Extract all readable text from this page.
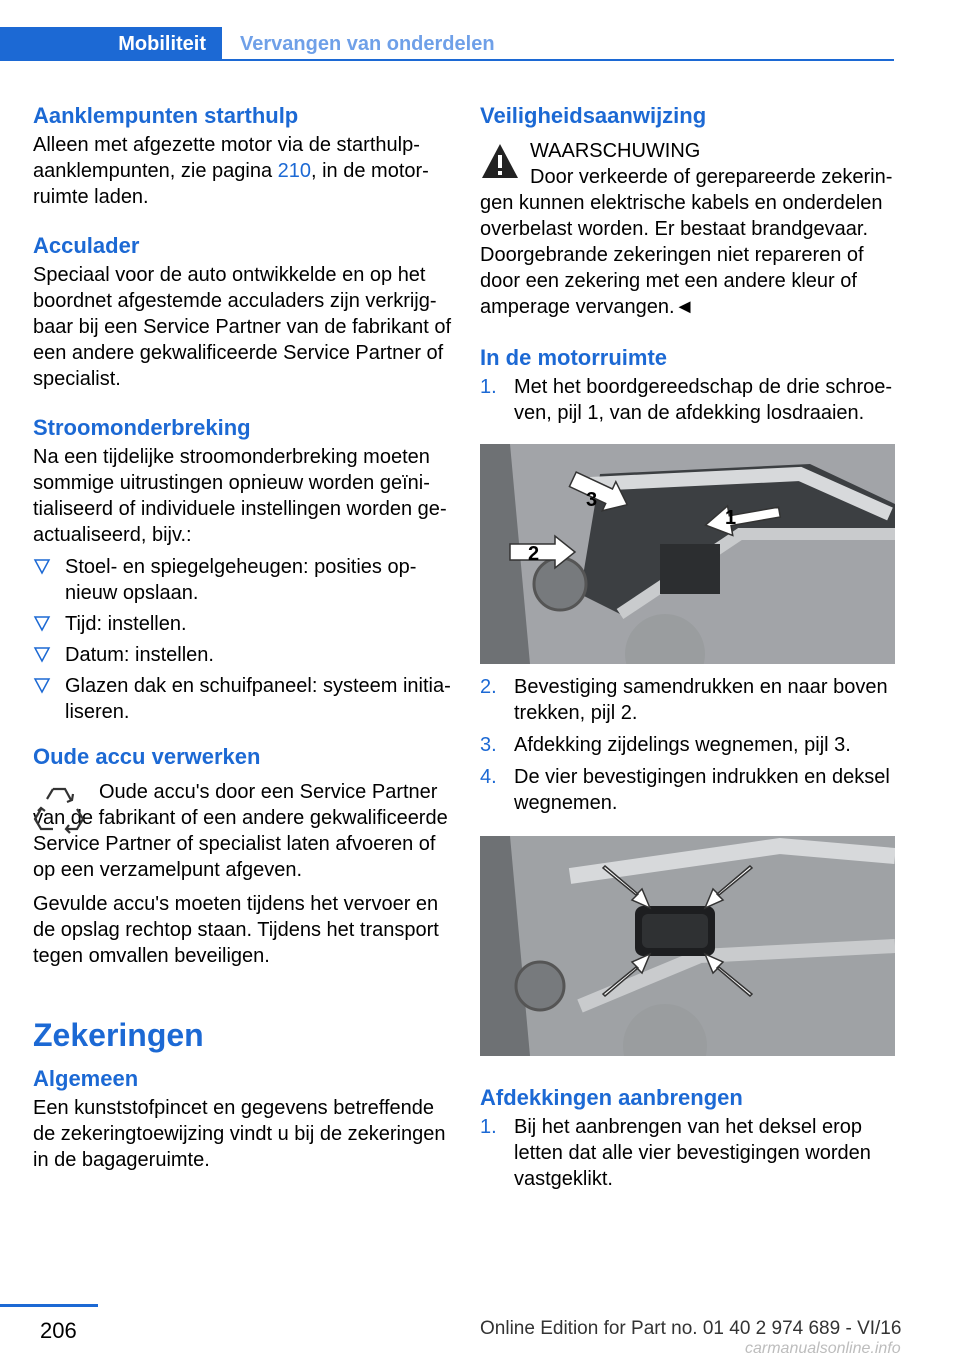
Mobiliteit	Vervangen van onderdelen
Aanklempunten starthulp

Alleen met afgezette motor via de starthulp-aanklempunten, zie pagina 210, in de motorruimte laden.

Acculader

Speciaal voor de auto ontwikkelde en op het boordnet afgestemde acculaders zijn verkrijgbaar bij een Service Partner van de fabrikant of een andere gekwalificeerde Service Partner of specialist.

Stroomonderbreking

Na een tijdelijke stroomonderbreking moeten sommige uitrustingen opnieuw worden geïnitialiseerd of individuele instellingen worden geactualiseerd, bijv.:

Stoel- en spiegelgeheugen: posities opnieuw opslaan.
Tijd: instellen.
Datum: instellen.
Glazen dak en schuifpaneel: systeem initialiseren.
Oude accu verwerken

Oude accu's door een Service Partner van de fabrikant of een andere gekwalificeerde Service Partner of specialist laten afvoeren of op een verzamelpunt afgeven.

Gevulde accu's moeten tijdens het vervoer en de opslag rechtop staan. Tijdens het transport tegen omvallen beveiligen.

Zekeringen
Algemeen

Een kunststofpincet en gegevens betreffende de zekeringtoewijzing vindt u bij de zekeringen in de bagageruimte.

Veiligheidsaanwijzing

WAARSCHUWING

Door verkeerde of gerepareerde zekeringen kunnen elektrische kabels en onderdelen overbelast worden. Er bestaat brandgevaar. Doorgebrande zekeringen niet repareren of door een zekering met een andere kleur of amperage vervangen.◄

In de motorruimte
1. Met het boordgereedschap de drie schroeven, pijl 1, van de afdekking losdraaien.
1
2
3
2. Bevestiging samendrukken en naar boven trekken, pijl 2.
3. Afdekking zijdelings wegnemen, pijl 3.
4. De vier bevestigingen indrukken en deksel wegnemen.
Afdekkingen aanbrengen
1. Bij het aanbrengen van het deksel erop letten dat alle vier bevestigingen worden vastgeklikt.
206	Online Edition for Part no. 01 40 2 974 689 - VI/16
carmanualsonline.info
